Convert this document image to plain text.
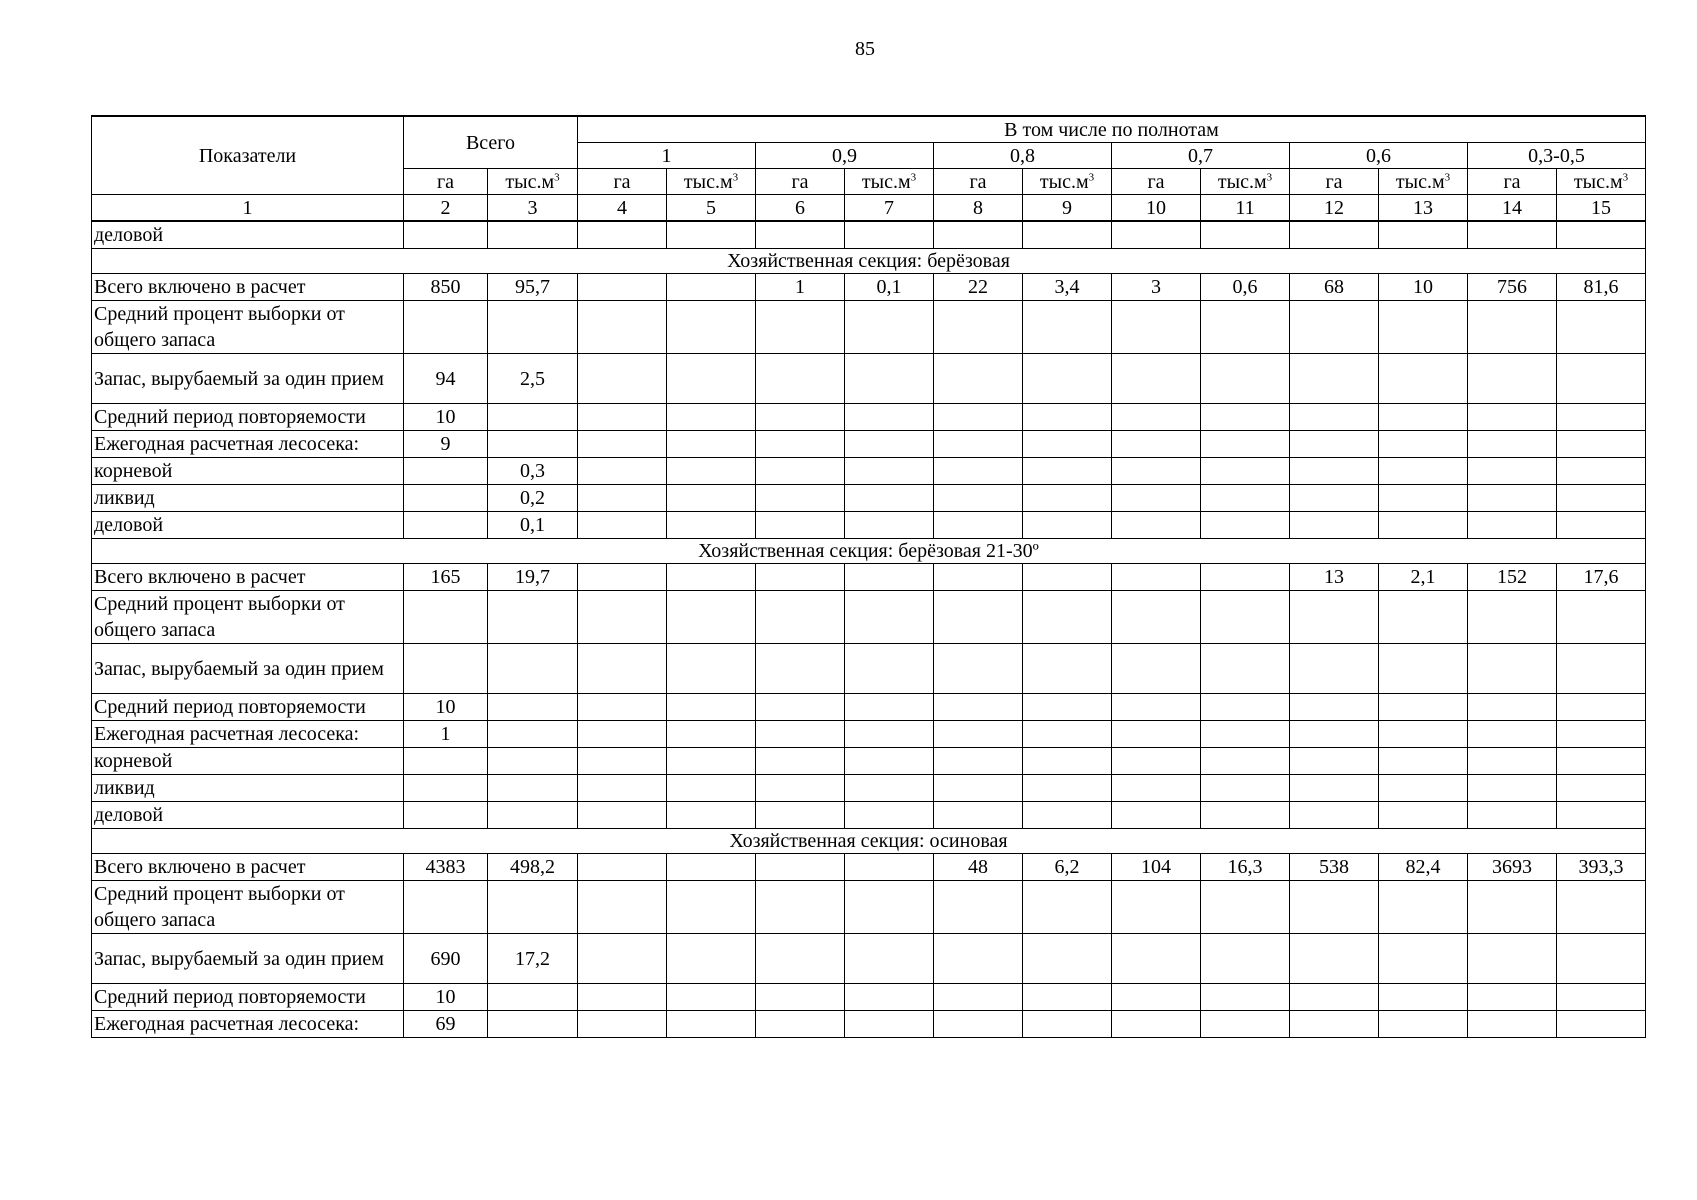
85
Показатели	Всего		В том числе по полнотам											
			1		0,9		0,8		0,7		0,6		0,3-0,5	
	га	$тыс.м^3$	га	$тыс.м^3$	га	$тыс.м^3$	га	$тыс.м^3$	га	$тыс.м^3$	га	$тыс.м^3$	га	$тыс.м^3$
1	2	3	4	5	6	7	8	9	10	11	12	13	14	15
деловой														
Хозяйственная секция: берёзовая														
Всего включено в расчет	850	95,7			1	0,1	22	3,4	3	0,6	68	10	756	81,6
Средний процент выборки от общего запаса														
Запас, вырубаемый за один прием	94	2,5												
Средний период повторяемости	10													
Ежегодная расчетная лесосека:	9													
корневой		0,3												
ликвид		0,2												
деловой		0,1												
Хозяйственная секция: берёзовая 21-30º														
Всего включено в расчет	165	19,7									13	2,1	152	17,6
Средний процент выборки от общего запаса														
Запас, вырубаемый за один прием														
Средний период повторяемости	10													
Ежегодная расчетная лесосека:	1													
корневой														
ликвид														
деловой														
Хозяйственная секция: осиновая														
Всего включено в расчет	4383	498,2					48	6,2	104	16,3	538	82,4	3693	393,3
Средний процент выборки от общего запаса														
Запас, вырубаемый за один прием	690	17,2												
Средний период повторяемости	10													
Ежегодная расчетная лесосека:	69													
